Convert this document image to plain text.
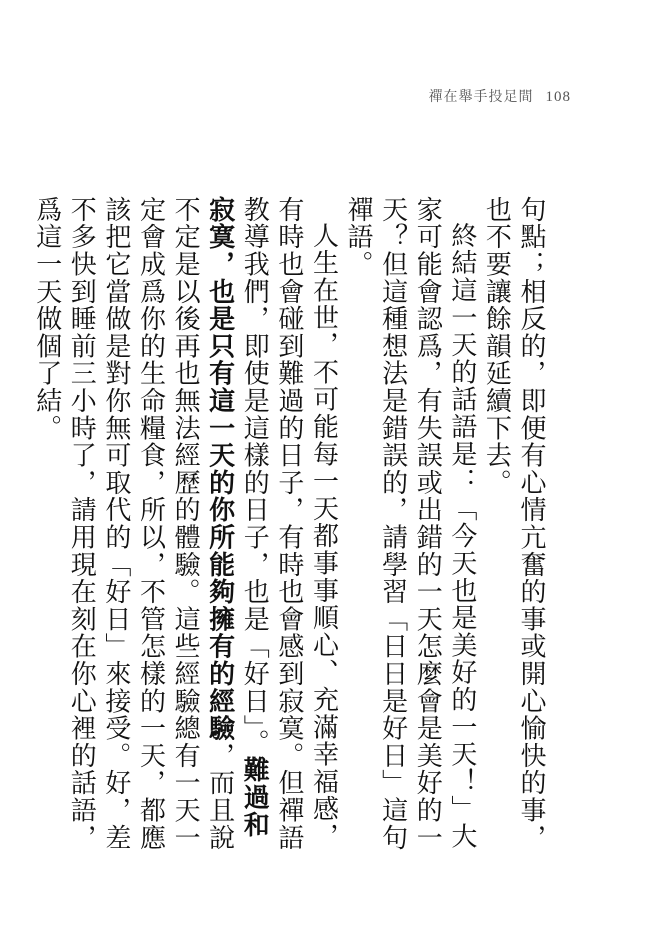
禪在舉手投足間 108

句點；相反的，即便有心情亢奮的事或開心愉快的事，也不要讓餘韻延續下去。

終結這一天的話語是：「今天也是美好的一天！」大家可能會認爲，有失誤或出錯的一天怎麼會是美好的一天？但這種想法是錯誤的，請學習「日日是好日」這句禪語。

人生在世，不可能每一天都事事順心、充滿幸福感，有時也會碰到難過的日子，有時也會感到寂寞。但禪語教導我們，即使是這樣的日子，也是「好日」。難過和寂寞，也是只有這一天的你所能夠擁有的經驗，而且說不定是以後再也無法經歷的體驗。這些經驗總有一天一定會成爲你的生命糧食，所以，不管怎樣的一天，都應該把它當做是對你無可取代的「好日」來接受。好，差不多快到睡前三小時了，請用現在刻在你心裡的話語，爲這一天做個了結。
